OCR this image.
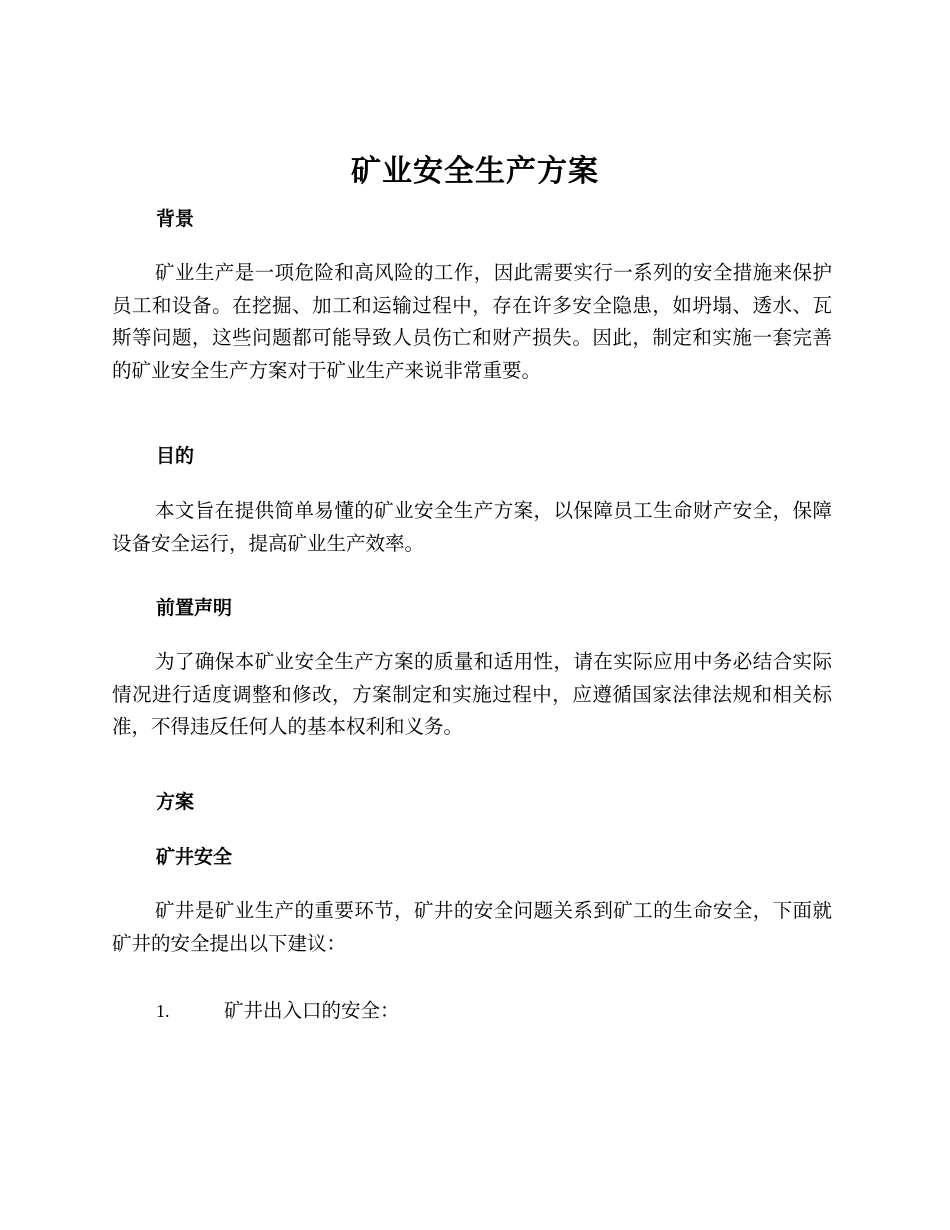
矿业安全生产方案
背景
矿业生产是一项危险和高风险的工作，因此需要实行一系列的安全措施来保护员工和设备。在挖掘、加工和运输过程中，存在许多安全隐患，如坍塌、透水、瓦斯等问题，这些问题都可能导致人员伤亡和财产损失。因此，制定和实施一套完善的矿业安全生产方案对于矿业生产来说非常重要。
目的
本文旨在提供简单易懂的矿业安全生产方案，以保障员工生命财产安全，保障设备安全运行，提高矿业生产效率。
前置声明
为了确保本矿业安全生产方案的质量和适用性，请在实际应用中务必结合实际情况进行适度调整和修改，方案制定和实施过程中，应遵循国家法律法规和相关标准，不得违反任何人的基本权利和义务。
方案
矿井安全
矿井是矿业生产的重要环节，矿井的安全问题关系到矿工的生命安全，下面就矿井的安全提出以下建议：
1.	矿井出入口的安全：
